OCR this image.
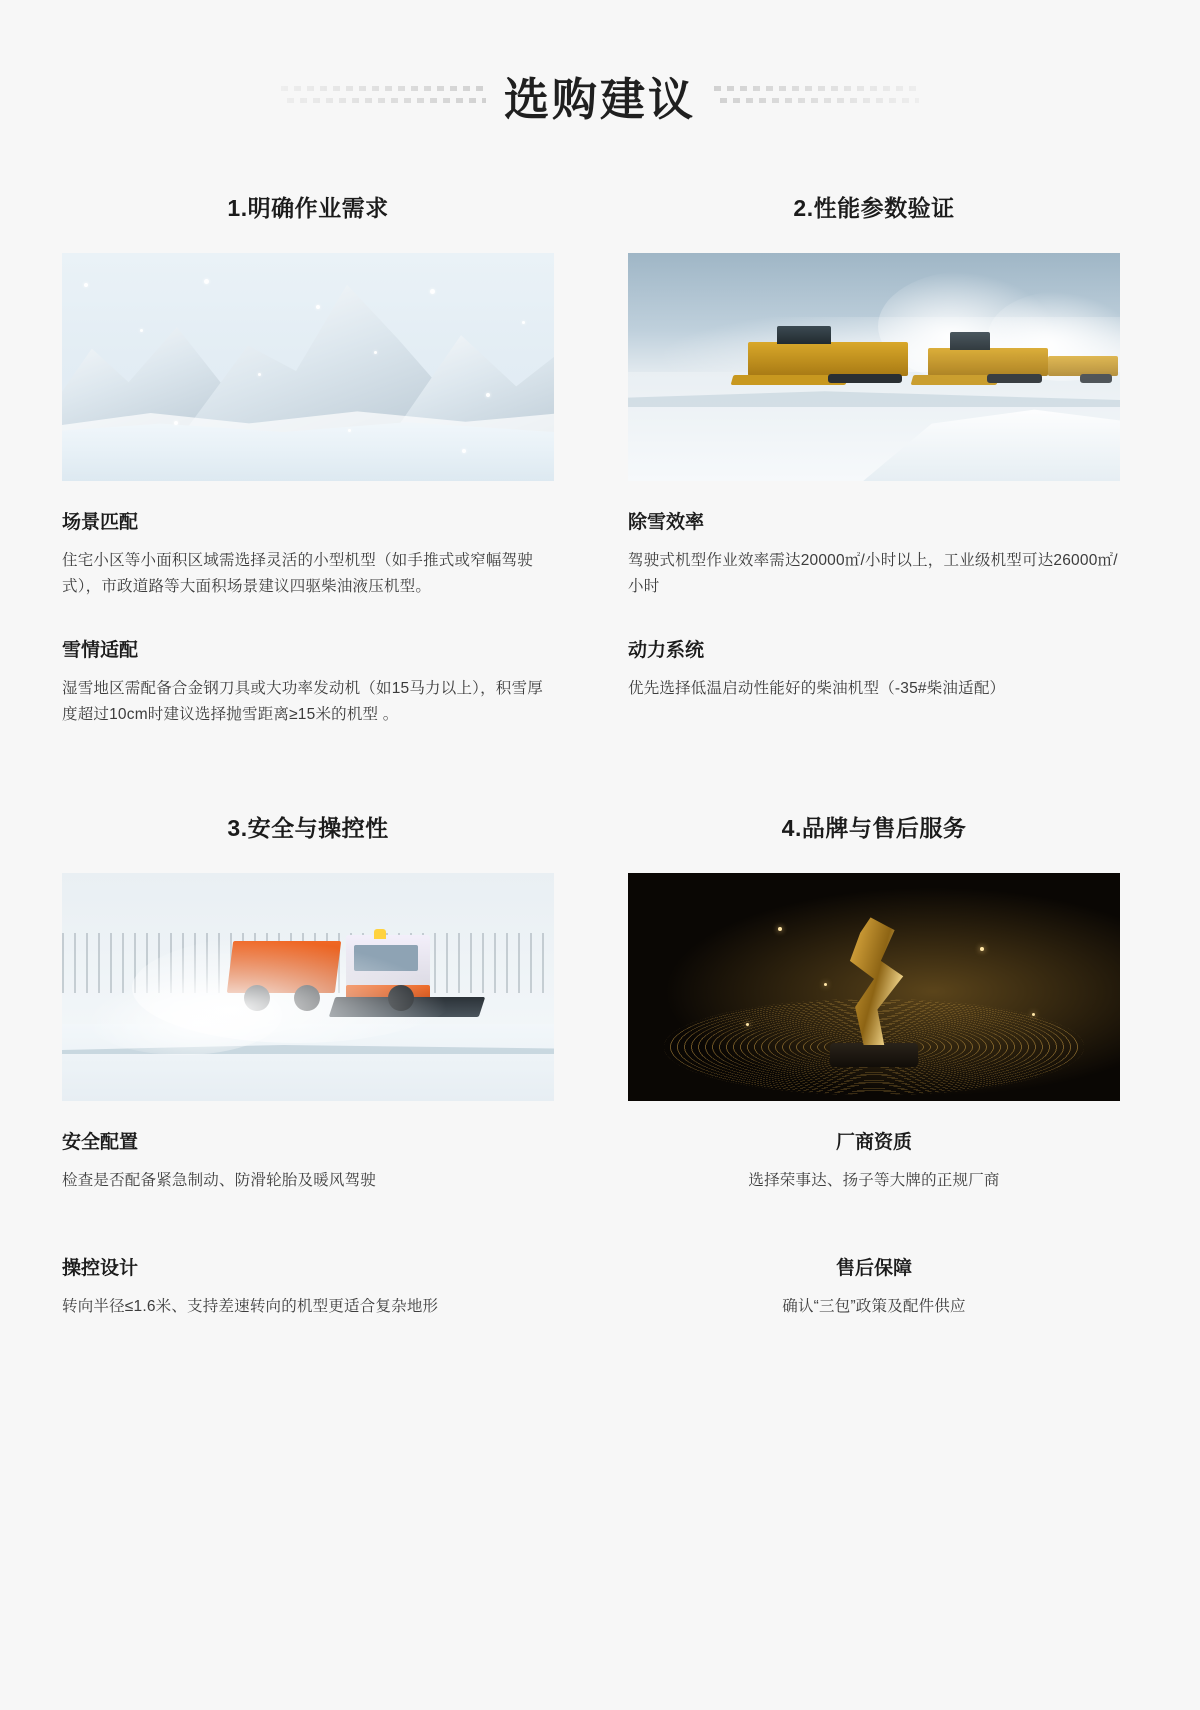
选购建议
1.明确作业需求
场景匹配

住宅小区等小面积区域需选择灵活的小型机型（如手推式或窄幅驾驶式），市政道路等大面积场景建议四驱柴油液压机型。

雪情适配

湿雪地区需配备合金钢刀具或大功率发动机（如15马力以上），积雪厚度超过10cm时建议选择抛雪距离≥15米的机型 。

2.性能参数验证
除雪效率

驾驶式机型作业效率需达20000㎡/小时以上，工业级机型可达26000㎡/小时

动力系统

优先选择低温启动性能好的柴油机型（-35#柴油适配）

3.安全与操控性
安全配置

检查是否配备紧急制动、防滑轮胎及暖风驾驶

操控设计

转向半径≤1.6米、支持差速转向的机型更适合复杂地形

4.品牌与售后服务
厂商资质

选择荣事达、扬子等大牌的正规厂商

售后保障

确认“三包”政策及配件供应
